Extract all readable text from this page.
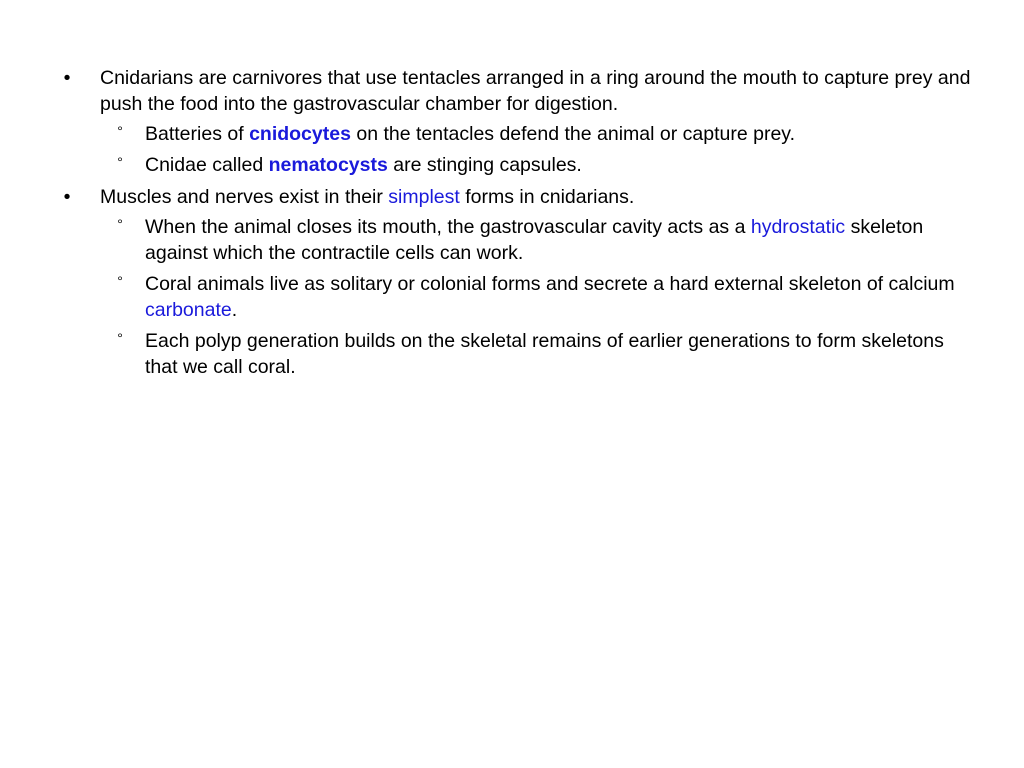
• Cnidarians are carnivores that use tentacles arranged in a ring around the mouth to capture prey and push the food into the gastrovascular chamber for digestion.
°	Batteries of cnidocytes on the tentacles defend the animal or capture prey.
°	Cnidae called nematocysts are stinging capsules.
• Muscles and nerves exist in their simplest forms in cnidarians.
°	When the animal closes its mouth, the gastrovascular cavity acts as a hydrostatic skeleton against which the contractile cells can work.
°	Coral animals live as solitary or colonial forms and secrete a hard external skeleton of calcium carbonate.
°	Each polyp generation builds on the skeletal remains of earlier generations to form skeletons that we call coral.
